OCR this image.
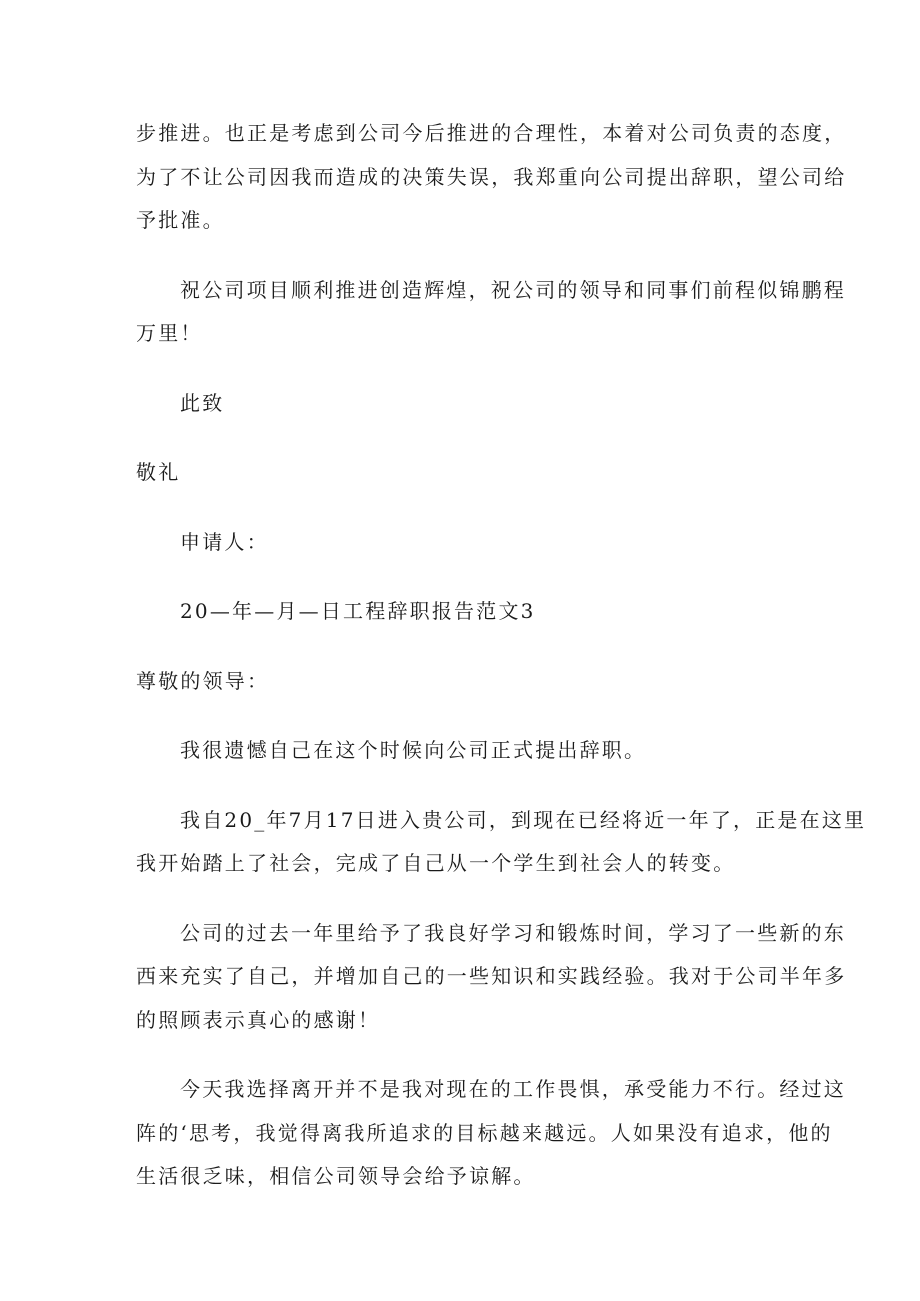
步推进。也正是考虑到公司今后推进的合理性，本着对公司负责的态度，
为了不让公司因我而造成的决策失误，我郑重向公司提出辞职，望公司给
予批准。

祝公司项目顺利推进创造辉煌，祝公司的领导和同事们前程似锦鹏程
万里！

此致

敬礼

申请人：

20—年—月—日工程辞职报告范文3

尊敬的领导：

我很遗憾自己在这个时候向公司正式提出辞职。

我自20_年7月17日进入贵公司，到现在已经将近一年了，正是在这里
我开始踏上了社会，完成了自己从一个学生到社会人的转变。

公司的过去一年里给予了我良好学习和锻炼时间，学习了一些新的东
西来充实了自己，并增加自己的一些知识和实践经验。我对于公司半年多
的照顾表示真心的感谢！

今天我选择离开并不是我对现在的工作畏惧，承受能力不行。经过这
阵的‘思考，我觉得离我所追求的目标越来越远。人如果没有追求，他的
生活很乏味，相信公司领导会给予谅解。
